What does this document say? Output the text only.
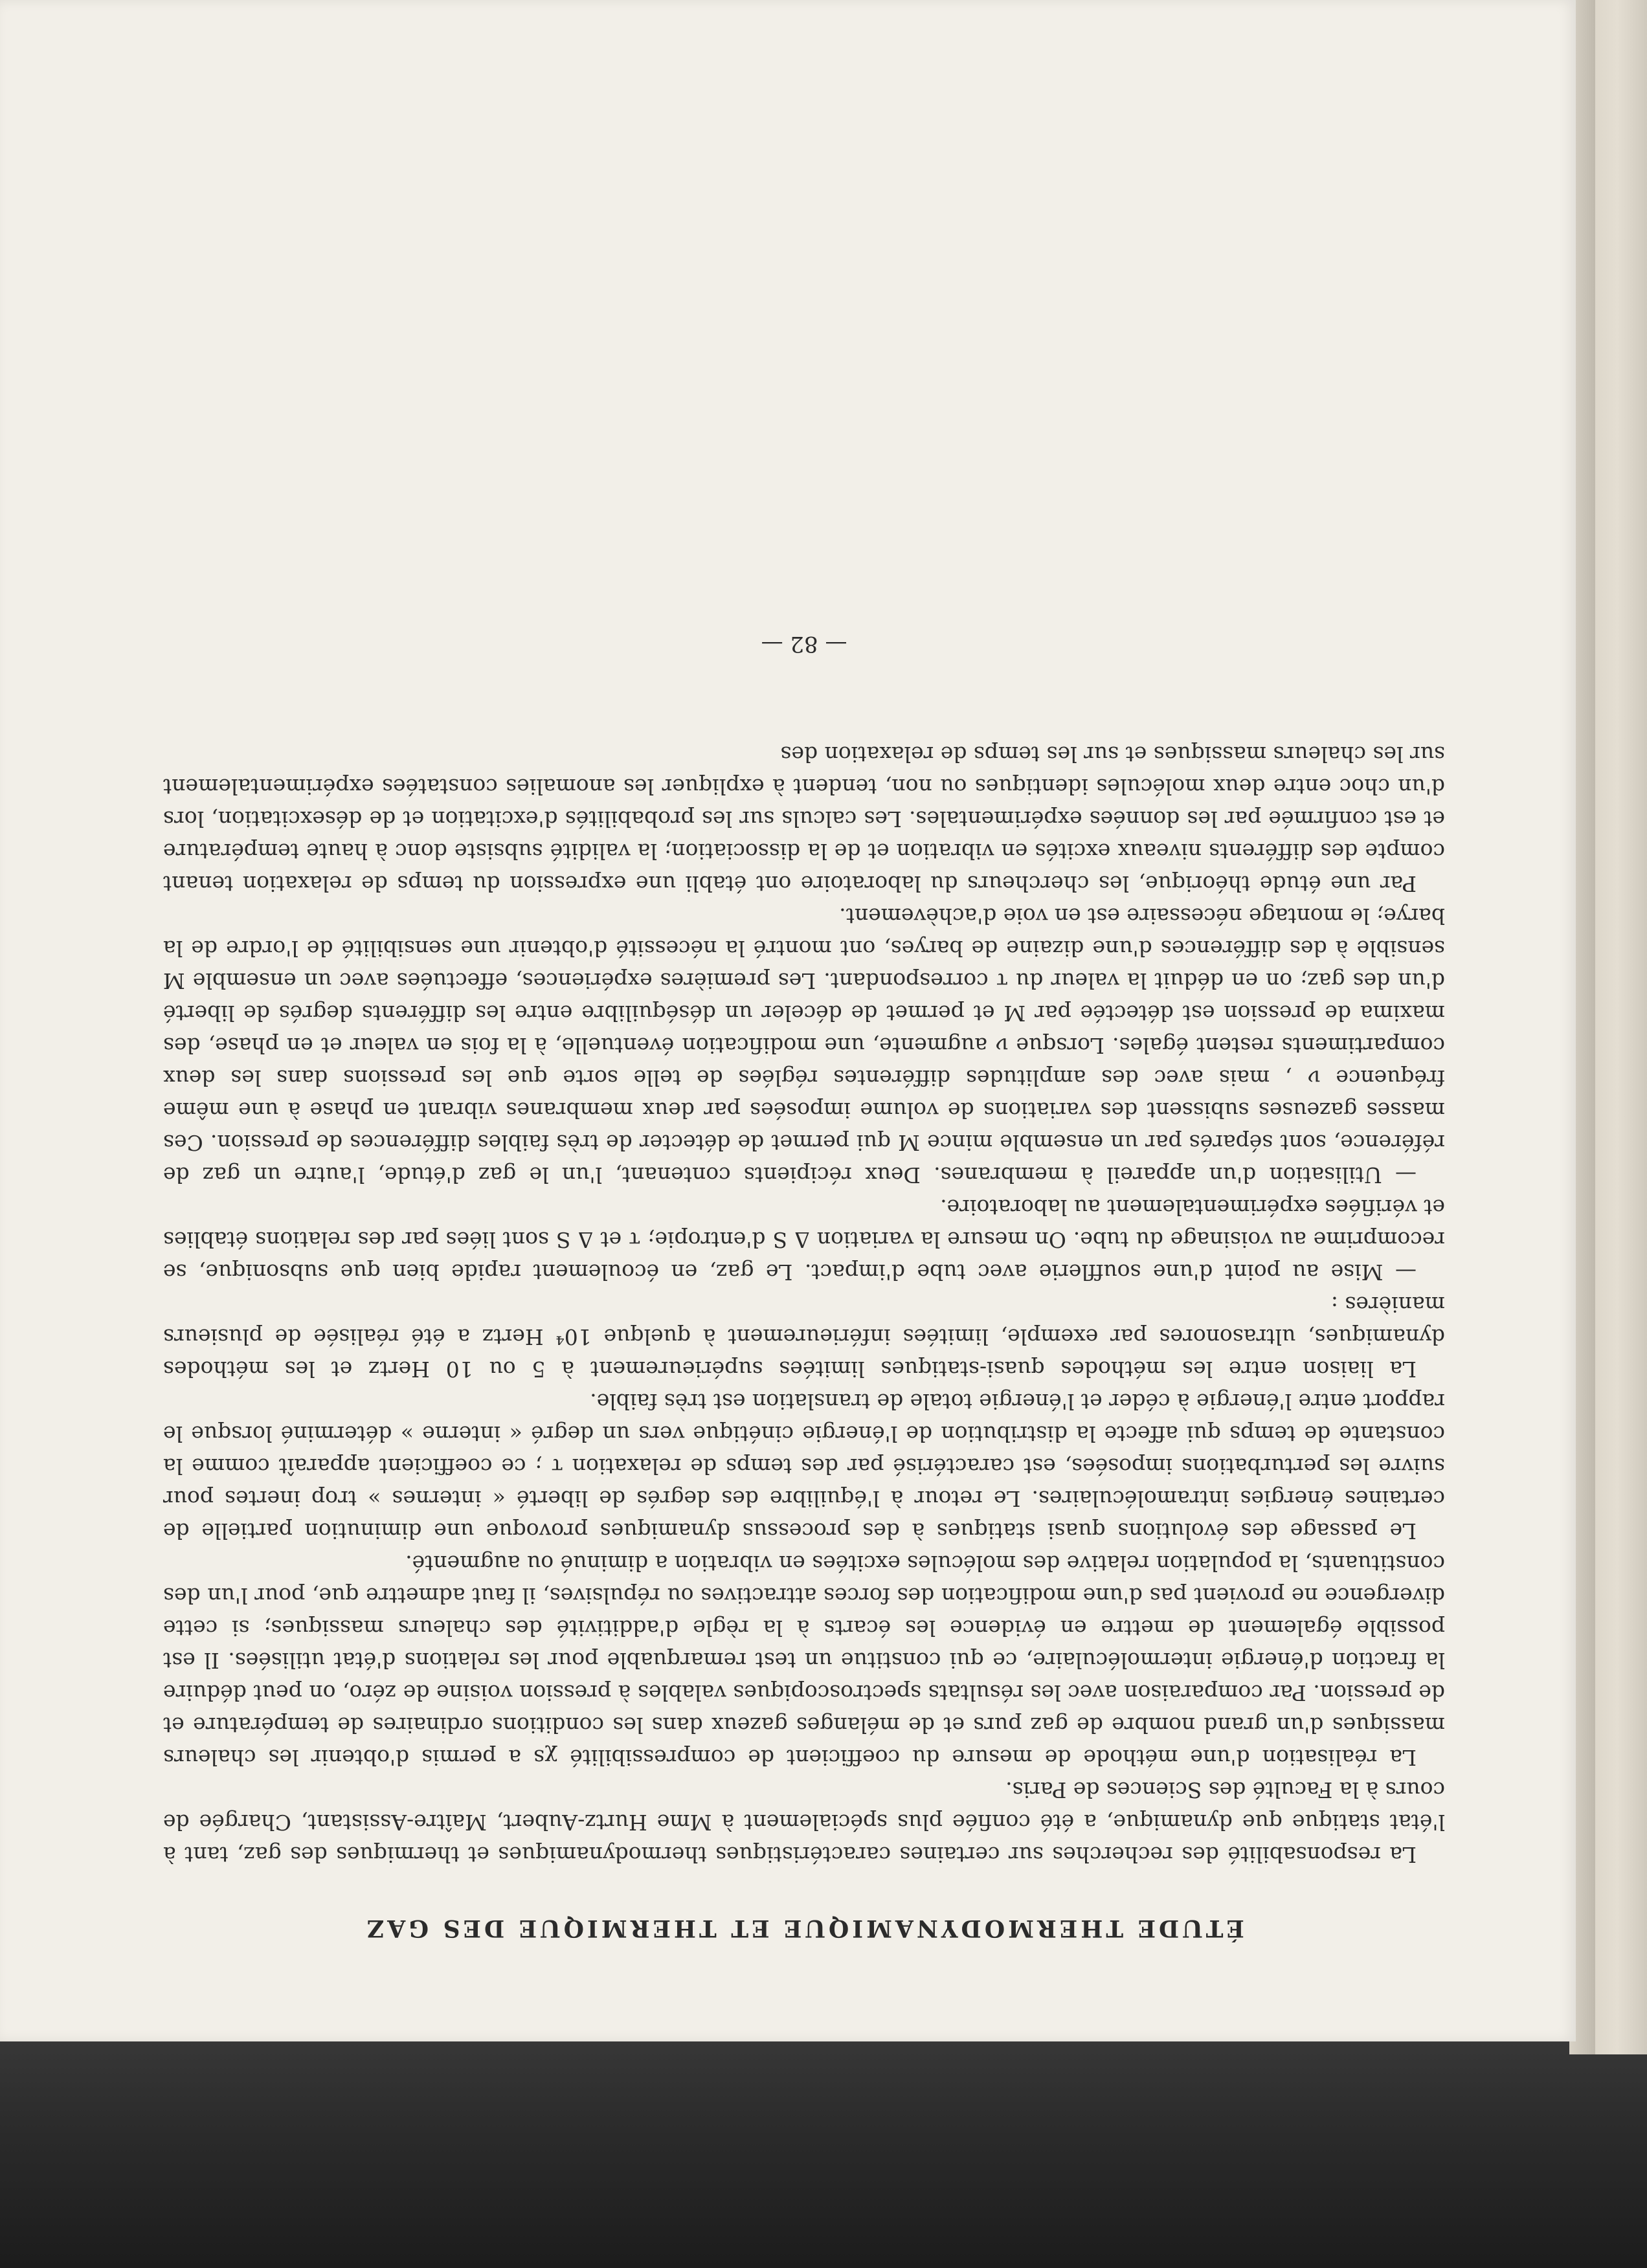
ÉTUDE THERMODYNAMIQUE ET THERMIQUE DES GAZ

La responsabilité des recherches sur certaines caractéristiques thermodynamiques et thermiques des gaz, tant à l'état statique que dynamique, a été confiée plus spécialement à Mme Hurtz-Aubert, Maître-Assistant, Chargée de cours à la Faculté des Sciences de Paris.

La réalisation d'une méthode de mesure du coefficient de compressibilité χs a permis d'obtenir les chaleurs massiques d'un grand nombre de gaz purs et de mélanges gazeux dans les conditions ordinaires de température et de pression. Par comparaison avec les résultats spectroscopiques valables à pression voisine de zéro, on peut déduire la fraction d'énergie intermoléculaire, ce qui constitue un test remarquable pour les relations d'état utilisées. Il est possible également de mettre en évidence les écarts à la règle d'additivité des chaleurs massiques; si cette divergence ne provient pas d'une modification des forces attractives ou répulsives, il faut admettre que, pour l'un des constituants, la population relative des molécules excitées en vibration a diminué ou augmenté.

Le passage des évolutions quasi statiques à des processus dynamiques provoque une diminution partielle de certaines énergies intramoléculaires. Le retour à l'équilibre des degrés de liberté « internes » trop inertes pour suivre les perturbations imposées, est caractérisé par des temps de relaxation τ ; ce coefficient apparaît comme la constante de temps qui affecte la distribution de l'énergie cinétique vers un degré « interne » déterminé lorsque le rapport entre l'énergie à céder et l'énergie totale de translation est très faible.

La liaison entre les méthodes quasi-statiques limitées supérieurement à 5 ou 10 Hertz et les méthodes dynamiques, ultrasonores par exemple, limitées inférieurement à quelque 10⁴ Hertz a été réalisée de plusieurs manières :

— Mise au point d'une soufflerie avec tube d'impact. Le gaz, en écoulement rapide bien que subsonique, se recomprime au voisinage du tube. On mesure la variation Δ S d'entropie; τ et Δ S sont liées par des relations établies et vérifiées expérimentalement au laboratoire.

— Utilisation d'un appareil à membranes. Deux récipients contenant, l'un le gaz d'étude, l'autre un gaz de référence, sont séparés par un ensemble mince M qui permet de détecter de très faibles différences de pression. Ces masses gazeuses subissent des variations de volume imposées par deux membranes vibrant en phase à une même fréquence ν , mais avec des amplitudes différentes réglées de telle sorte que les pressions dans les deux compartiments restent égales. Lorsque ν augmente, une modification éventuelle, à la fois en valeur et en phase, des maxima de pression est détectée par M et permet de déceler un déséquilibre entre les différents degrés de liberté d'un des gaz; on en déduit la valeur du τ correspondant. Les premières expériences, effectuées avec un ensemble M sensible à des différences d'une dizaine de baryes, ont montré la nécessité d'obtenir une sensibilité de l'ordre de la barye; le montage nécessaire est en voie d'achèvement.

Par une étude théorique, les chercheurs du laboratoire ont établi une expression du temps de relaxation tenant compte des différents niveaux excités en vibration et de la dissociation; la validité subsiste donc à haute température et est confirmée par les données expérimentales. Les calculs sur les probabilités d'excitation et de désexcitation, lors d'un choc entre deux molécules identiques ou non, tendent à expliquer les anomalies constatées expérimentalement sur les chaleurs massiques et sur les temps de relaxation des

— 82 —
